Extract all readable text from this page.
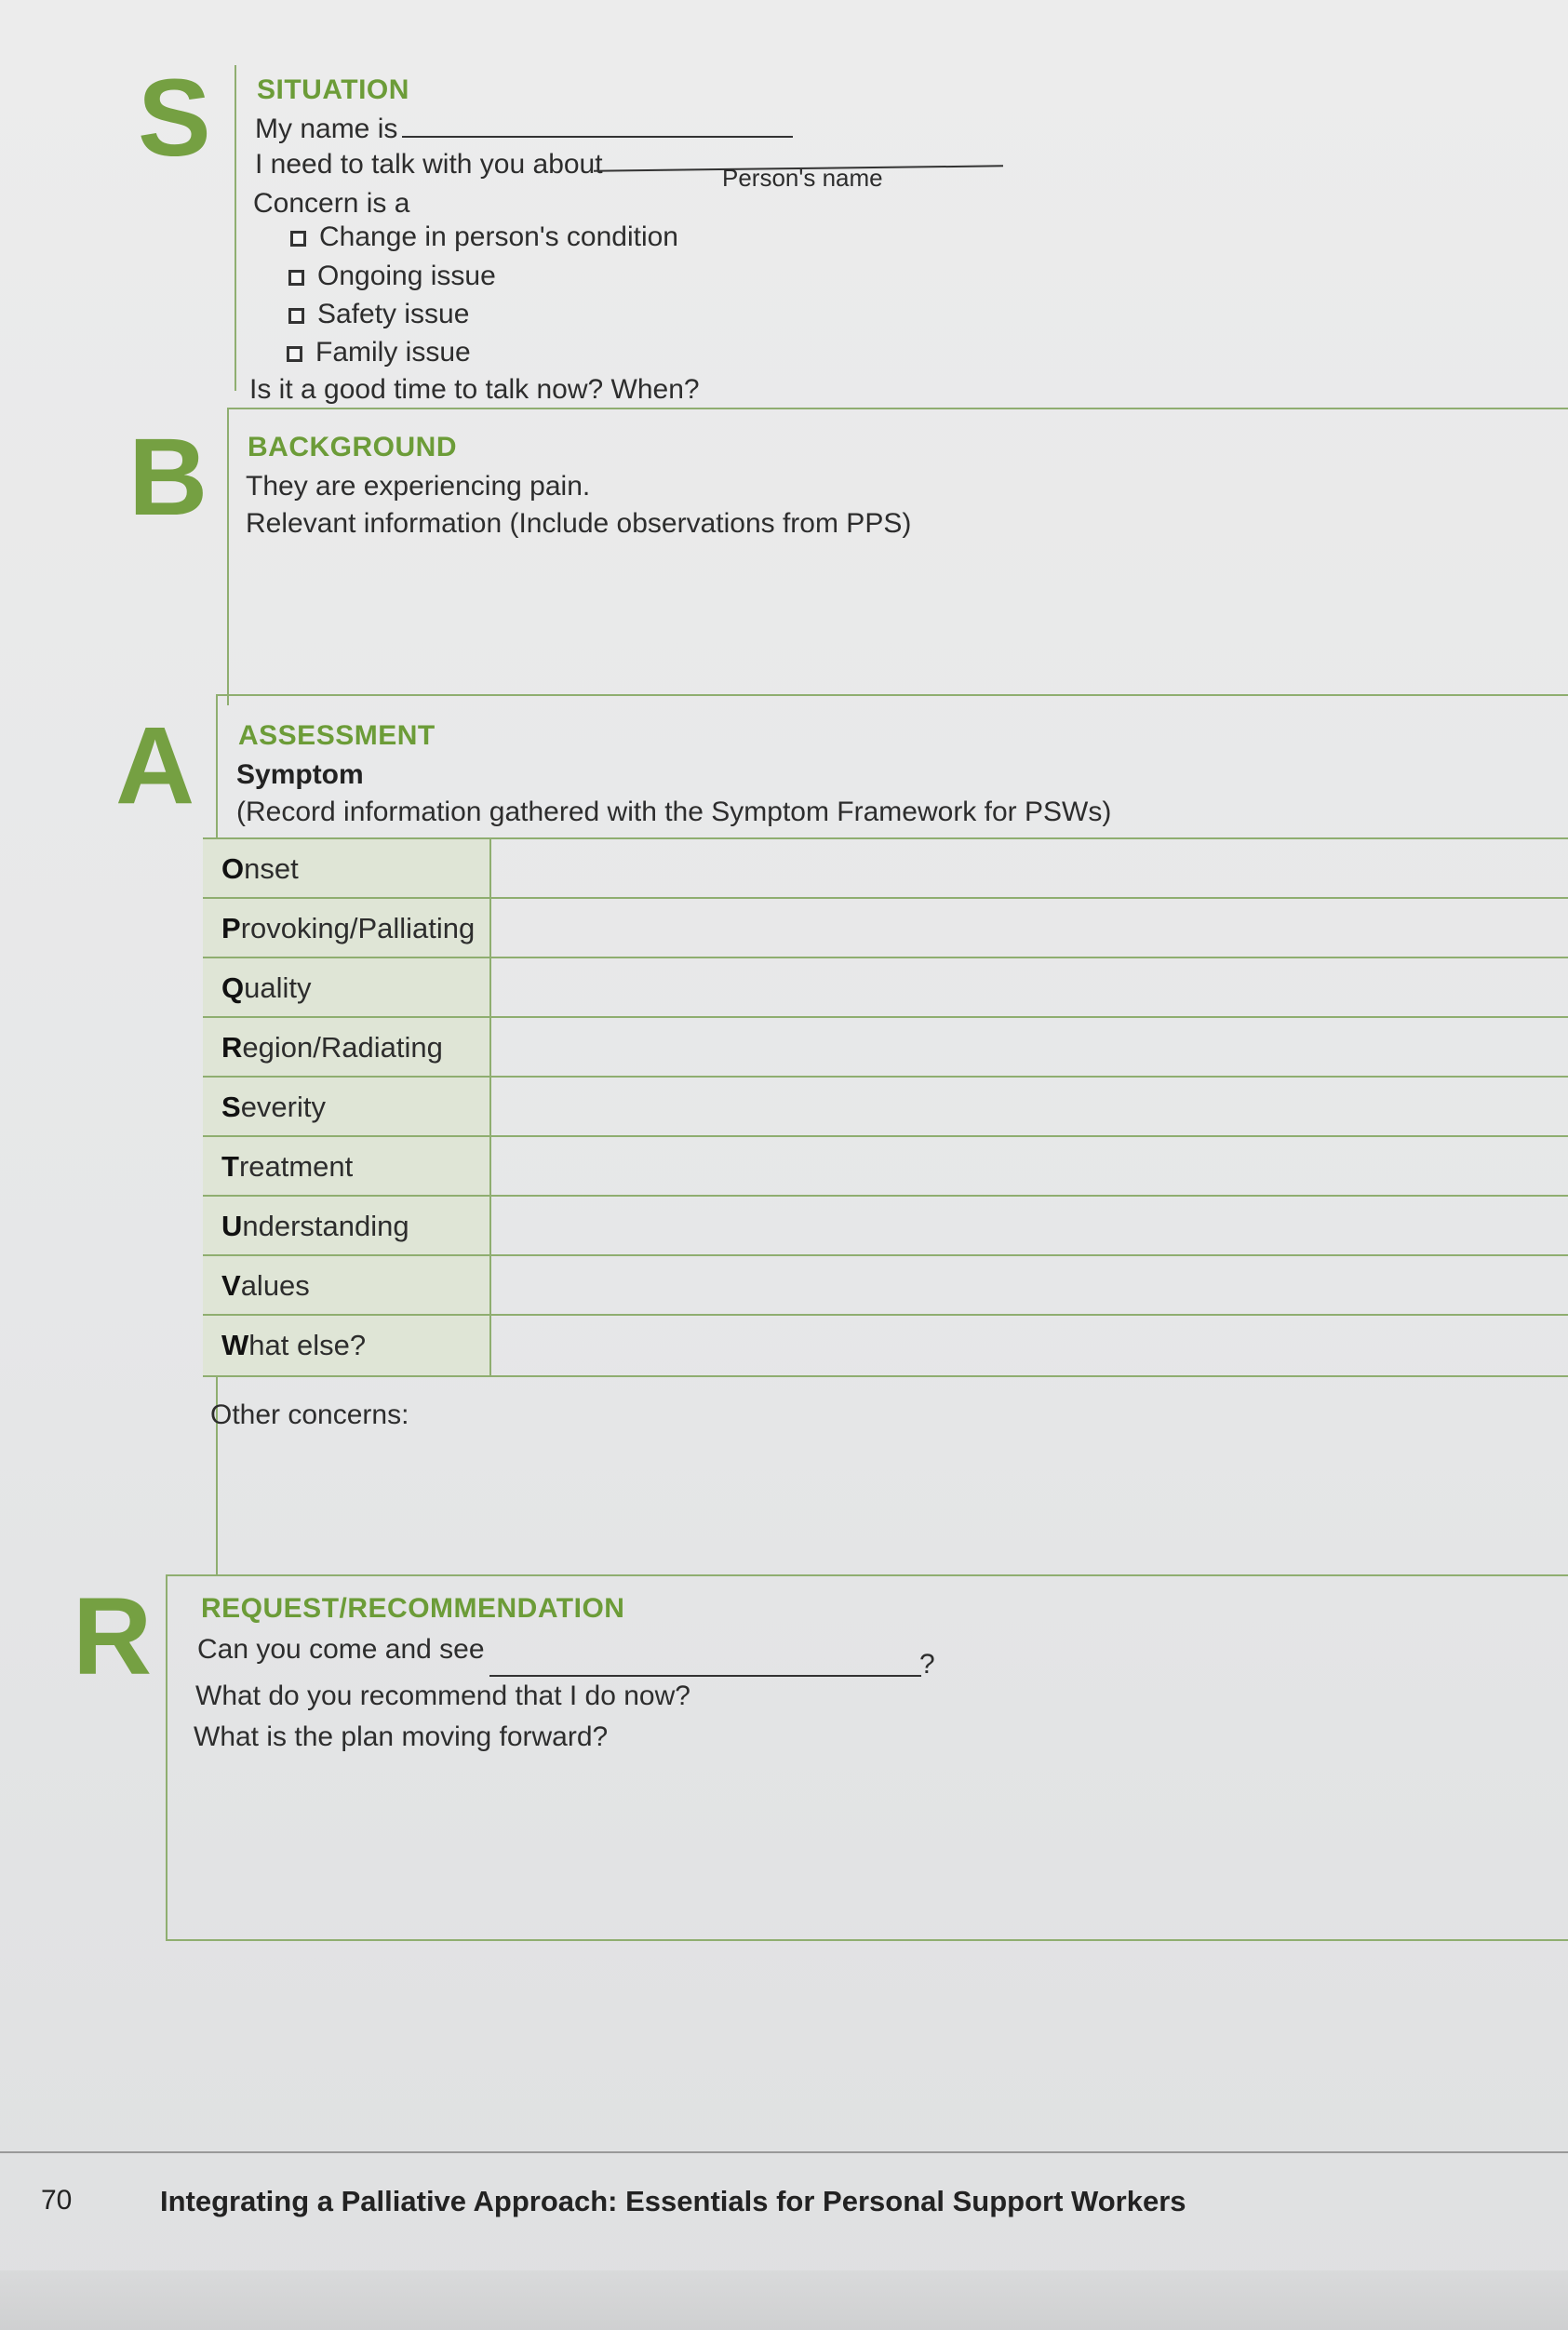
S SITUATION
My name is
I need to talk with you about	Person's name
Concern is a
Change in person's condition
Ongoing issue
Safety issue
Family issue
Is it a good time to talk now? When?
B BACKGROUND
They are experiencing pain.
Relevant information (Include observations from PPS)
A ASSESSMENT
Symptom
(Record information gathered with the Symptom Framework for PSWs)
Onset
Provoking/Palliating
Quality
Region/Radiating
Severity
Treatment
Understanding
Values
What else?
Other concerns:
R REQUEST/RECOMMENDATION
Can you come and see	?
What do you recommend that I do now?
What is the plan moving forward?
70	Integrating a Palliative Approach: Essentials for Personal Support Workers
